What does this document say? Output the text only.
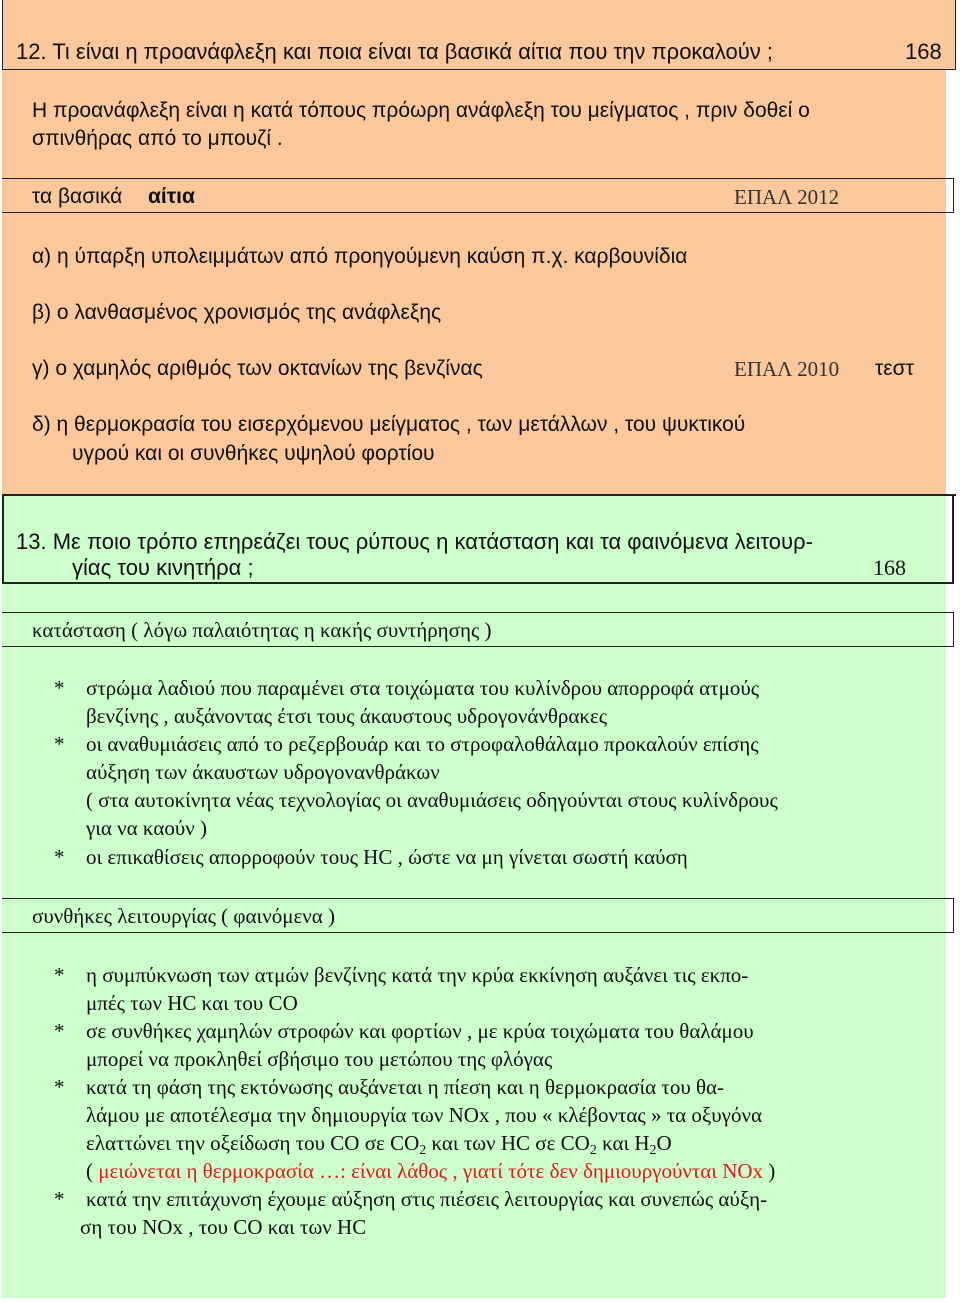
12. Τι είναι η προανάφλεξη και ποια είναι τα βασικά αίτια που την προκαλούν ;	168
Η προανάφλεξη είναι η κατά τόπους πρόωρη ανάφλεξη του μείγματος , πριν δοθεί ο
σπινθήρας από το μπουζί .
τα βασικά αίτια	ΕΠΑΛ 2012
α) η ύπαρξη υπολειμμάτων από προηγούμενη καύση π.χ. καρβουνίδια
β) ο λανθασμένος χρονισμός της ανάφλεξης
γ) ο χαμηλός αριθμός των οκτανίων της βενζίνας	ΕΠΑΛ 2010 τεστ
δ) η θερμοκρασία του εισερχόμενου μείγματος , των μετάλλων , του ψυκτικού
υγρού και οι συνθήκες υψηλού φορτίου
13. Με ποιο τρόπο επηρεάζει τους ρύπους η κατάσταση και τα φαινόμενα λειτουρ-
γίας του κινητήρα ;	168
κατάσταση ( λόγω παλαιότητας η κακής συντήρησης )
* στρώμα λαδιού που παραμένει στα τοιχώματα του κυλίνδρου απορροφά ατμούς
βενζίνης , αυξάνοντας έτσι τους άκαυστους υδρογονάνθρακες
* οι αναθυμιάσεις από το ρεζερβουάρ και το στροφαλοθάλαμο προκαλούν επίσης
αύξηση των άκαυστων υδρογονανθράκων
( στα αυτοκίνητα νέας τεχνολογίας οι αναθυμιάσεις οδηγούνται στους κυλίνδρους
για να καούν )
* οι επικαθίσεις απορροφούν τους HC , ώστε να μη γίνεται σωστή καύση
συνθήκες λειτουργίας ( φαινόμενα )
* η συμπύκνωση των ατμών βενζίνης κατά την κρύα εκκίνηση αυξάνει τις εκπο-
μπές των HC και του CO
* σε συνθήκες χαμηλών στροφών και φορτίων , με κρύα τοιχώματα του θαλάμου
μπορεί να προκληθεί σβήσιμο του μετώπου της φλόγας
* κατά τη φάση της εκτόνωσης αυξάνεται η πίεση και η θερμοκρασία του θα-
λάμου με αποτέλεσμα την δημιουργία των NOx , που « κλέβοντας » τα οξυγόνα
ελαττώνει την οξείδωση του CO σε $CO_2$ και των HC σε $CO_2$ και $H_2O$
( μειώνεται η θερμοκρασία …: είναι λάθος , γιατί τότε δεν δημιουργούνται NOx )
* κατά την επιτάχυνση έχουμε αύξηση στις πιέσεις λειτουργίας και συνεπώς αύξη-
ση του NOx , του CO και των HC
